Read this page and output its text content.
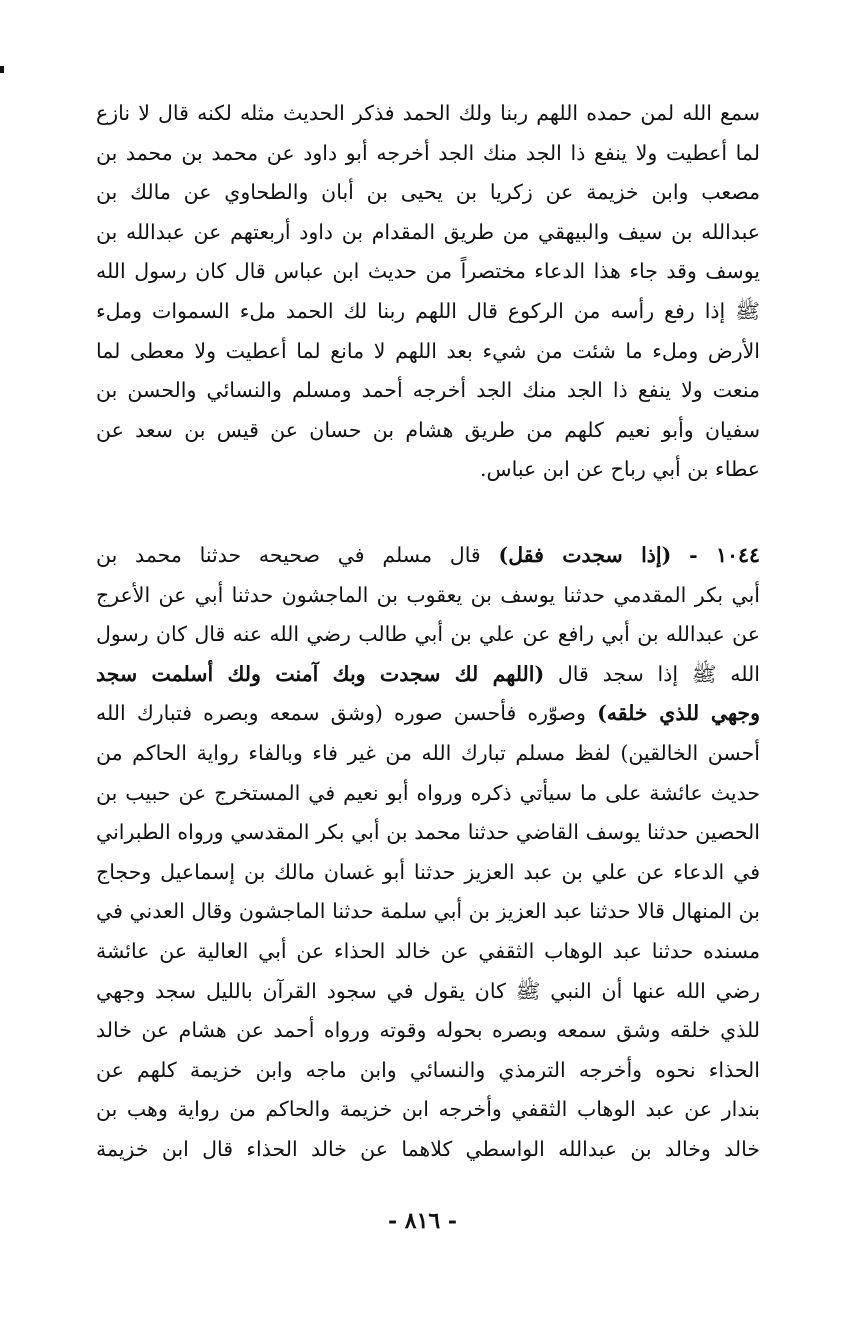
سمع الله لمن حمده اللهم ربنا ولك الحمد فذكر الحديث مثله لكنه قال لا نازع
لما أعطيت ولا ينفع ذا الجد منك الجد أخرجه أبو داود عن محمد بن محمد بن
مصعب وابن خزيمة عن زكريا بن يحيى بن أبان والطحاوي عن مالك بن
عبدالله بن سيف والبيهقي من طريق المقدام بن داود أربعتهم عن عبدالله بن
يوسف وقد جاء هذا الدعاء مختصراً من حديث ابن عباس قال كان رسول الله
ﷺ إذا رفع رأسه من الركوع قال اللهم ربنا لك الحمد ملء السموات وملء
الأرض وملء ما شئت من شيء بعد اللهم لا مانع لما أعطيت ولا معطى لما
منعت ولا ينفع ذا الجد منك الجد أخرجه أحمد ومسلم والنسائي والحسن بن
سفيان وأبو نعيم كلهم من طريق هشام بن حسان عن قيس بن سعد عن
عطاء بن أبي رباح عن ابن عباس.
١٠٤٤ - (إذا سجدت فقل) قال مسلم في صحيحه حدثنا محمد بن
أبي بكر المقدمي حدثنا يوسف بن يعقوب بن الماجشون حدثنا أبي عن الأعرج
عن عبدالله بن أبي رافع عن علي بن أبي طالب رضي الله عنه قال كان رسول
الله ﷺ إذا سجد قال (اللهم لك سجدت وبك آمنت ولك أسلمت سجد
وجهي للذي خلقه) وصوّره فأحسن صوره (وشق سمعه وبصره فتبارك الله
أحسن الخالقين) لفظ مسلم تبارك الله من غير فاء وبالفاء رواية الحاكم من
حديث عائشة على ما سيأتي ذكره ورواه أبو نعيم في المستخرج عن حبيب بن
الحصين حدثنا يوسف القاضي حدثنا محمد بن أبي بكر المقدسي ورواه الطبراني
في الدعاء عن علي بن عبد العزيز حدثنا أبو غسان مالك بن إسماعيل وحجاج
بن المنهال قالا حدثنا عبد العزيز بن أبي سلمة حدثنا الماجشون وقال العدني في
مسنده حدثنا عبد الوهاب الثقفي عن خالد الحذاء عن أبي العالية عن عائشة
رضي الله عنها أن النبي ﷺ كان يقول في سجود القرآن بالليل سجد وجهي
للذي خلقه وشق سمعه وبصره بحوله وقوته ورواه أحمد عن هشام عن خالد
الحذاء نحوه وأخرجه الترمذي والنسائي وابن ماجه وابن خزيمة كلهم عن
بندار عن عبد الوهاب الثقفي وأخرجه ابن خزيمة والحاكم من رواية وهب بن
خالد وخالد بن عبدالله الواسطي كلاهما عن خالد الحذاء قال ابن خزيمة
- ٨١٦ -
